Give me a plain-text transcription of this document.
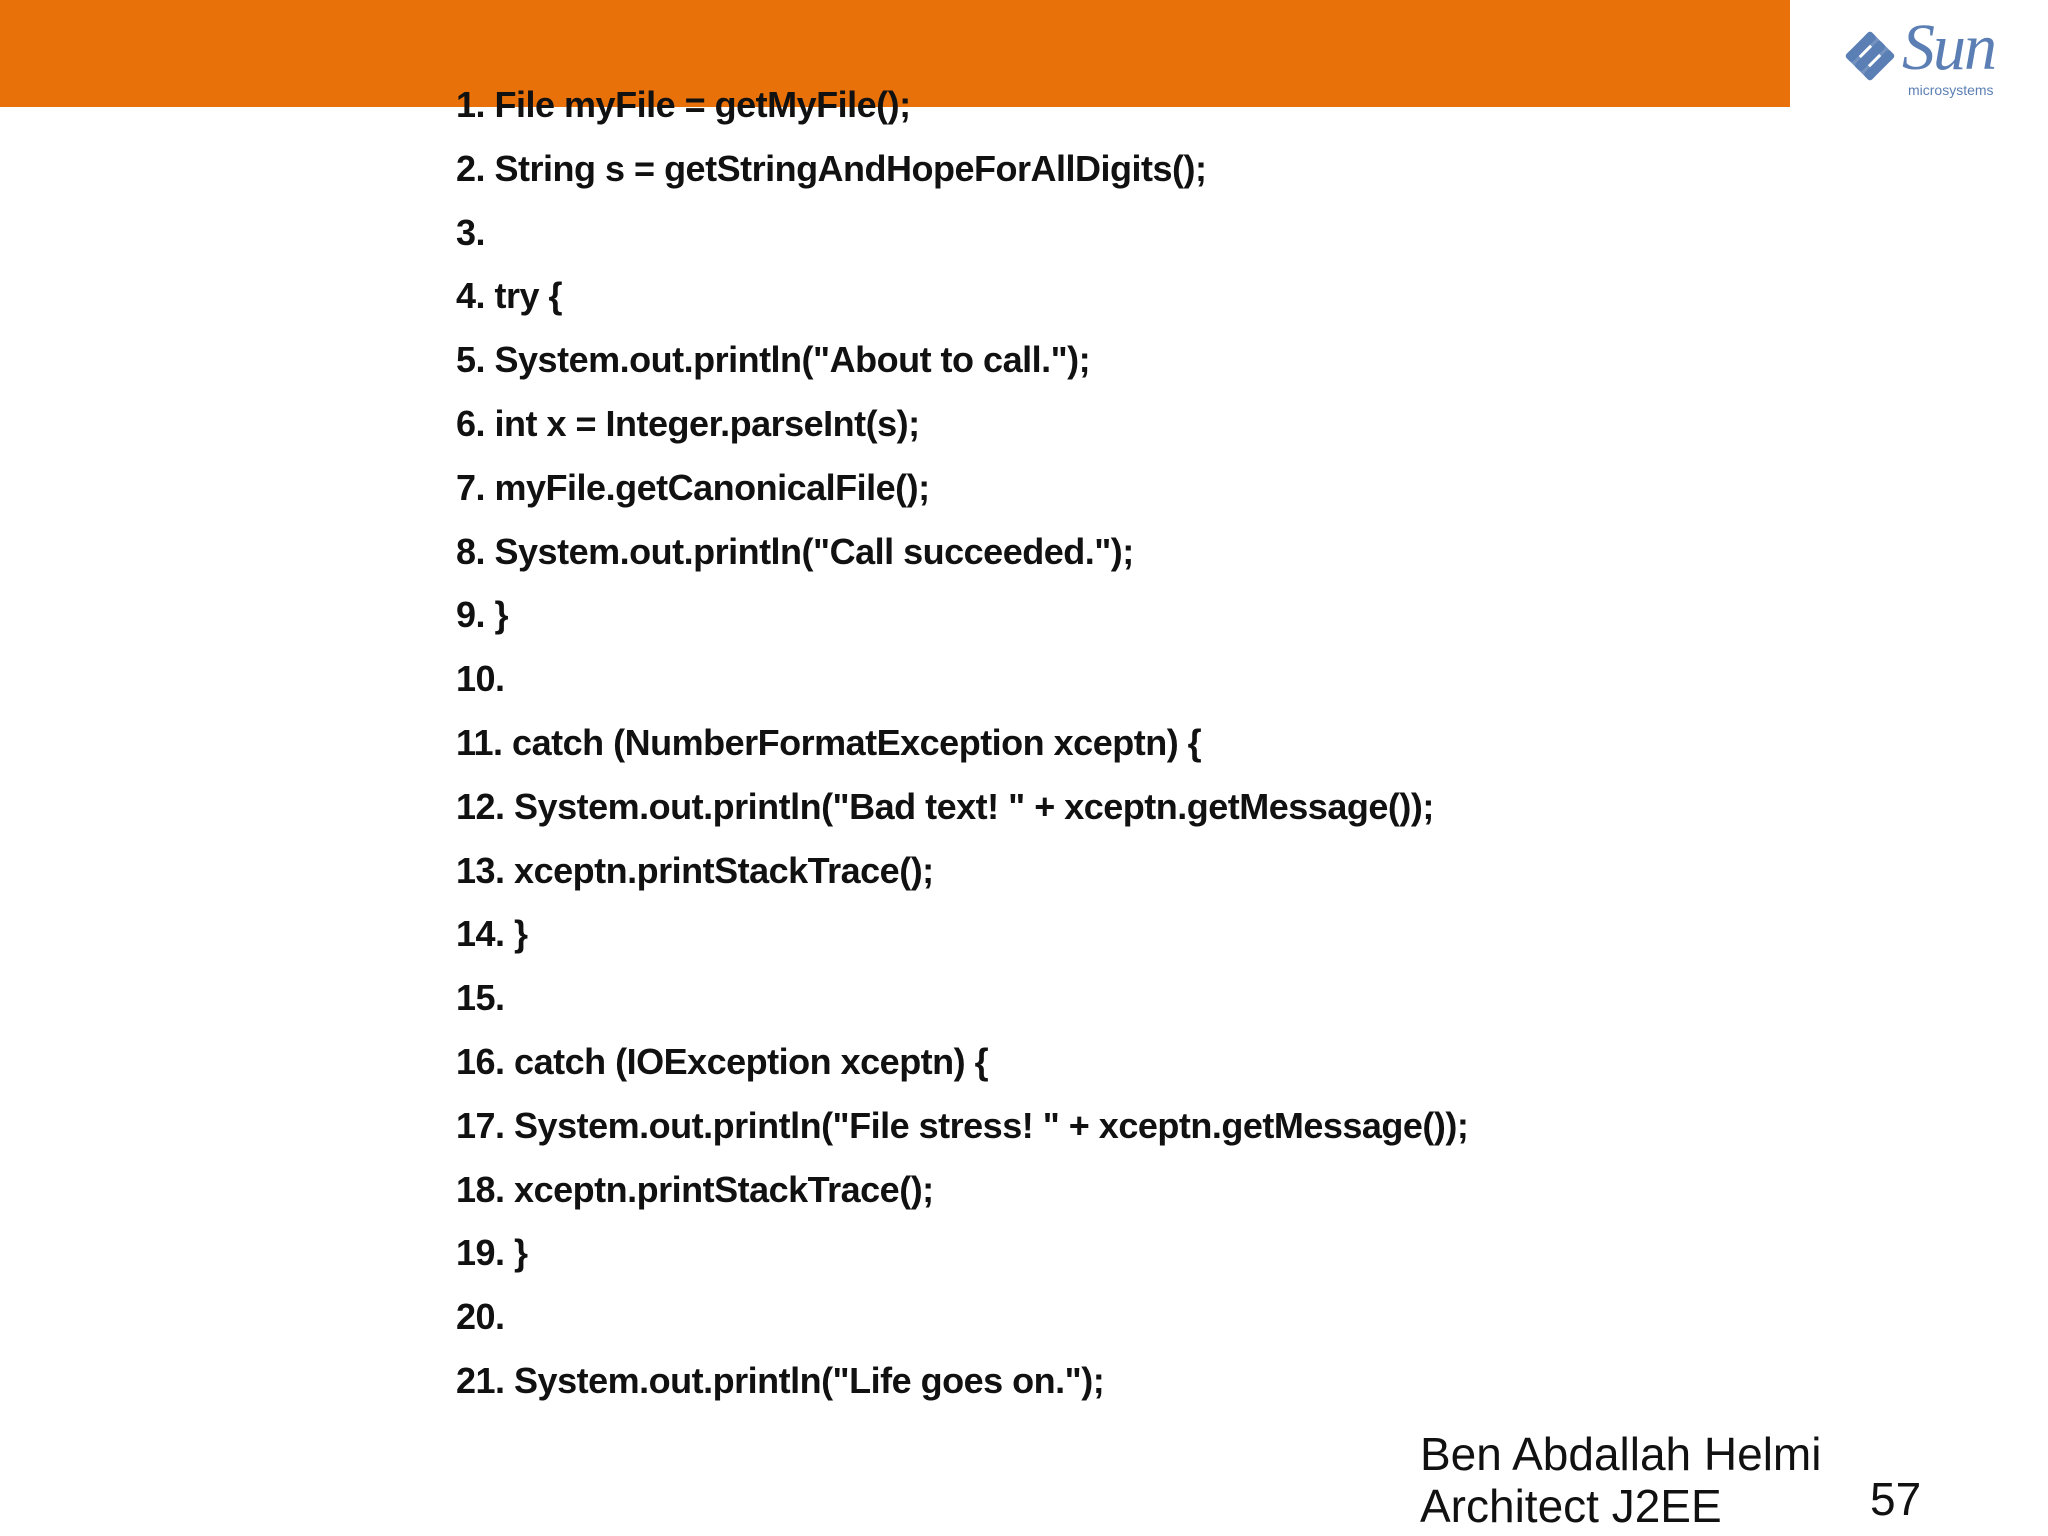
Sun
microsystems
1. File myFile = getMyFile();
2. String s = getStringAndHopeForAllDigits();
3.
4. try {
5. System.out.println("About to call.");
6. int x = Integer.parseInt(s);
7. myFile.getCanonicalFile();
8. System.out.println("Call succeeded.");
9. }
10.
11. catch (NumberFormatException xceptn) {
12. System.out.println("Bad text! " + xceptn.getMessage());
13. xceptn.printStackTrace();
14. }
15.
16. catch (IOException xceptn) {
17. System.out.println("File stress! " + xceptn.getMessage());
18. xceptn.printStackTrace();
19. }
20.
21. System.out.println("Life goes on.");
Ben Abdallah Helmi Architect J2EE	57
